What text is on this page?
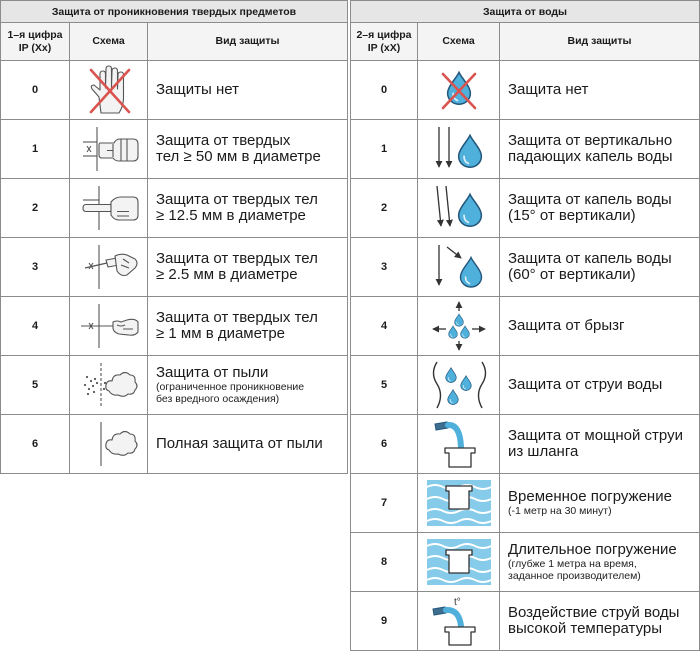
Защита от проникновения твердых предметов
1–я цифра
IP (Xx)
Схема	Вид защиты
0	Защиты нет
1	Защита от твердых
тел ≥ 50 мм в диаметре
2	Защита от твердых тел
≥ 12.5 мм в диаметре
3	Защита от твердых тел
≥ 2.5 мм в диаметре
4	Защита от твердых тел
≥ 1 мм в диаметре
5
Защита от пыли
(ограниченное проникновение
без вредного осаждения)
6	Полная защита от пыли
Защита от воды
2–я цифра
IP (xX)
Схема	Вид защиты
0	Защита нет
1	Защита от вертикально
падающих капель воды
2	Защита от капель воды
(15° от вертикали)
3	Защита от капель воды
(60° от вертикали)
4	Защита от брызг
5	Защита от струи воды
6	Защита от мощной струи
из шланга
7	Временное погружение
(-1 метр на 30 минут)
8
Длительное погружение
(глубже 1 метра на время,
заданное производителем)
9
t°
Воздействие струй воды
высокой температуры
